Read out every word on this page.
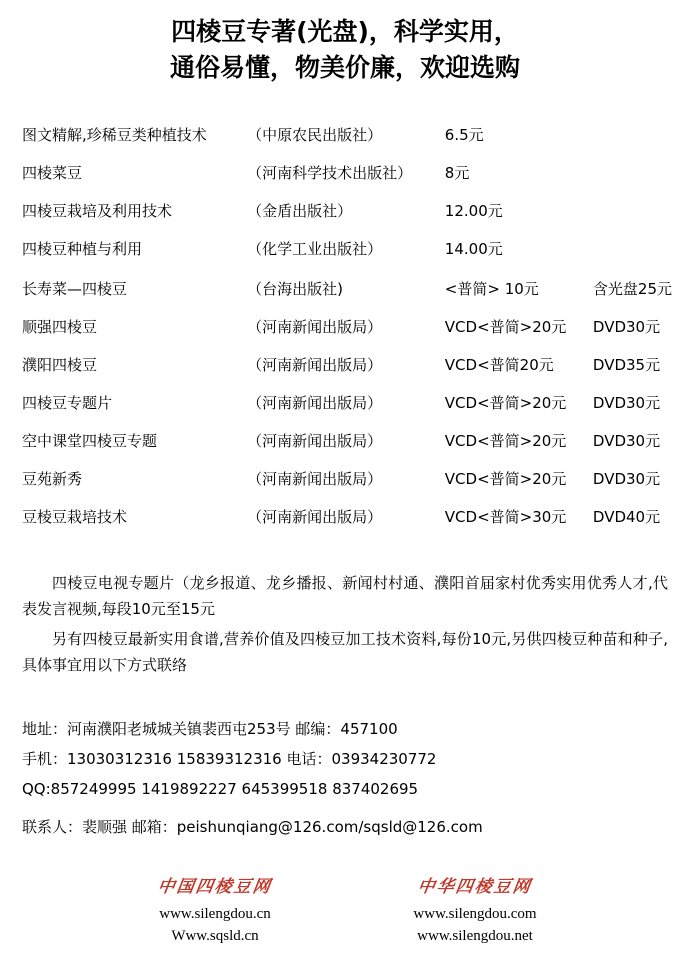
四棱豆专著(光盘)，科学实用，
通俗易懂，物美价廉，欢迎选购
图文精解,珍稀豆类种植技术	（中原农民出版社）	6.5元	
四棱菜豆	（河南科学技术出版社）	8元	
四棱豆栽培及利用技术	（金盾出版社）	12.00元	
四棱豆种植与利用	（化学工业出版社）	14.00元	
长寿菜—四棱豆	（台海出版社)	<普简> 10元	含光盘25元
顺强四棱豆	（河南新闻出版局）	VCD<普简>20元	DVD30元
濮阳四棱豆	（河南新闻出版局）	VCD<普简20元	DVD35元
四棱豆专题片	（河南新闻出版局）	VCD<普简>20元	DVD30元
空中课堂四棱豆专题	（河南新闻出版局）	VCD<普简>20元	DVD30元
豆苑新秀	（河南新闻出版局）	VCD<普简>20元	DVD30元
豆棱豆栽培技术	（河南新闻出版局）	VCD<普简>30元	DVD40元

四棱豆电视专题片（龙乡报道、龙乡播报、新闻村村通、濮阳首届家村优秀实用优秀人才,代表发言视频,每段10元至15元

另有四棱豆最新实用食谱,营养价值及四棱豆加工技术资料,每份10元,另供四棱豆种苗和种子,具体事宜用以下方式联络

地址：河南濮阳老城城关镇裴西屯253号 邮编：457100
手机：13030312316 15839312316 电话：03934230772
QQ:857249995 1419892227 645399518 837402695
联系人：裴顺强 邮箱：peishunqiang@126.com/sqsld@126.com
中国四棱豆网
www.silengdou.cn
Www.sqsld.cn
中华四棱豆网
www.silengdou.com
www.silengdou.net
